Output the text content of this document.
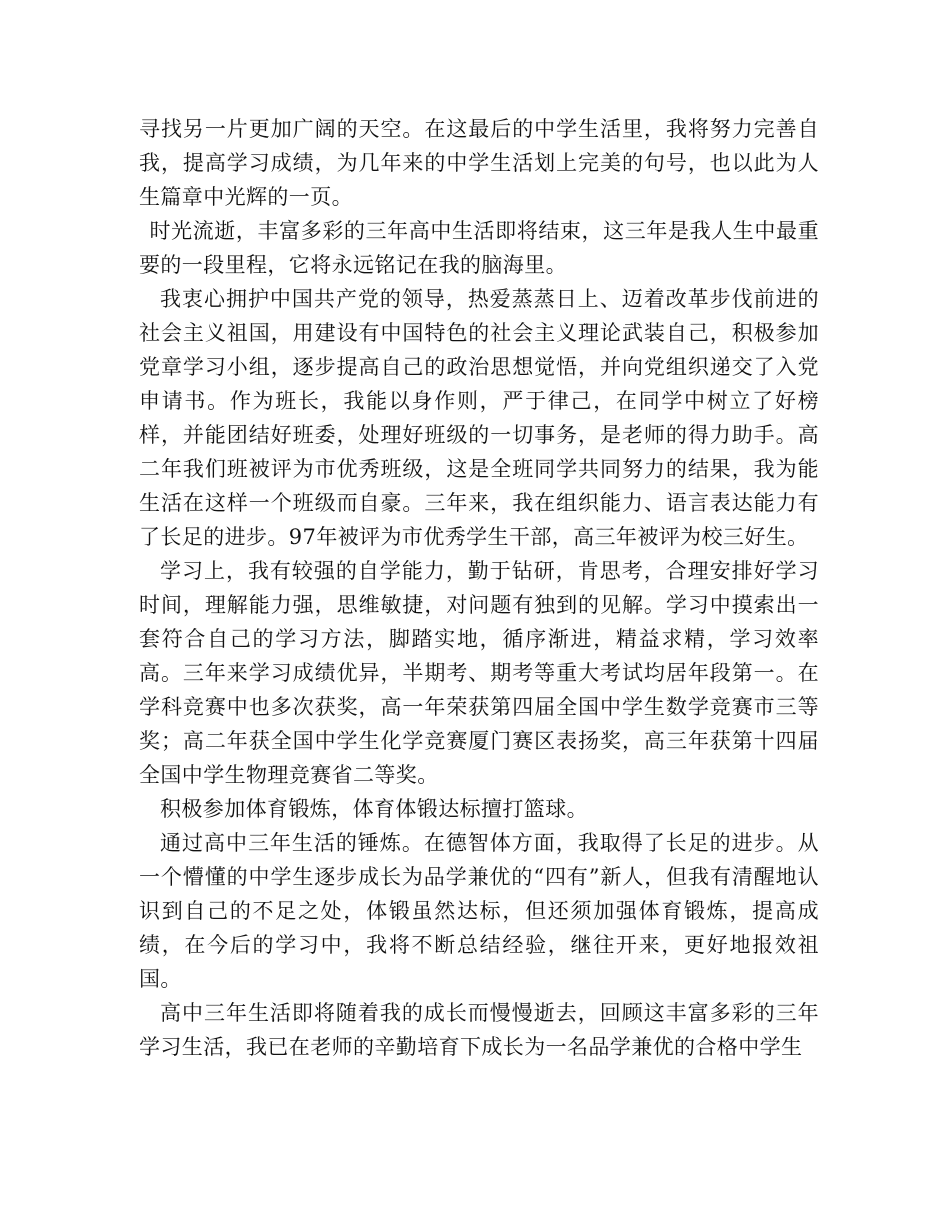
寻找另一片更加广阔的天空。在这最后的中学生活里，我将努力完善自我，提高学习成绩，为几年来的中学生活划上完美的句号，也以此为人生篇章中光辉的一页。

时光流逝，丰富多彩的三年高中生活即将结束，这三年是我人生中最重要的一段里程，它将永远铭记在我的脑海里。

我衷心拥护中国共产党的领导，热爱蒸蒸日上、迈着改革步伐前进的社会主义祖国，用建设有中国特色的社会主义理论武装自己，积极参加党章学习小组，逐步提高自己的政治思想觉悟，并向党组织递交了入党申请书。作为班长，我能以身作则，严于律己，在同学中树立了好榜样，并能团结好班委，处理好班级的一切事务，是老师的得力助手。高二年我们班被评为市优秀班级，这是全班同学共同努力的结果，我为能生活在这样一个班级而自豪。三年来，我在组织能力、语言表达能力有了长足的进步。97年被评为市优秀学生干部，高三年被评为校三好生。

学习上，我有较强的自学能力，勤于钻研，肯思考，合理安排好学习时间，理解能力强，思维敏捷，对问题有独到的见解。学习中摸索出一套符合自己的学习方法，脚踏实地，循序渐进，精益求精，学习效率高。三年来学习成绩优异，半期考、期考等重大考试均居年段第一。在学科竞赛中也多次获奖，高一年荣获第四届全国中学生数学竞赛市三等奖；高二年获全国中学生化学竞赛厦门赛区表扬奖，高三年获第十四届全国中学生物理竞赛省二等奖。

积极参加体育锻炼，体育体锻达标擅打篮球。

通过高中三年生活的锤炼。在德智体方面，我取得了长足的进步。从一个懵懂的中学生逐步成长为品学兼优的“四有”新人，但我有清醒地认识到自己的不足之处，体锻虽然达标，但还须加强体育锻炼，提高成绩，在今后的学习中，我将不断总结经验，继往开来，更好地报效祖国。

高中三年生活即将随着我的成长而慢慢逝去，回顾这丰富多彩的三年学习生活，我已在老师的辛勤培育下成长为一名品学兼优的合格中学生
